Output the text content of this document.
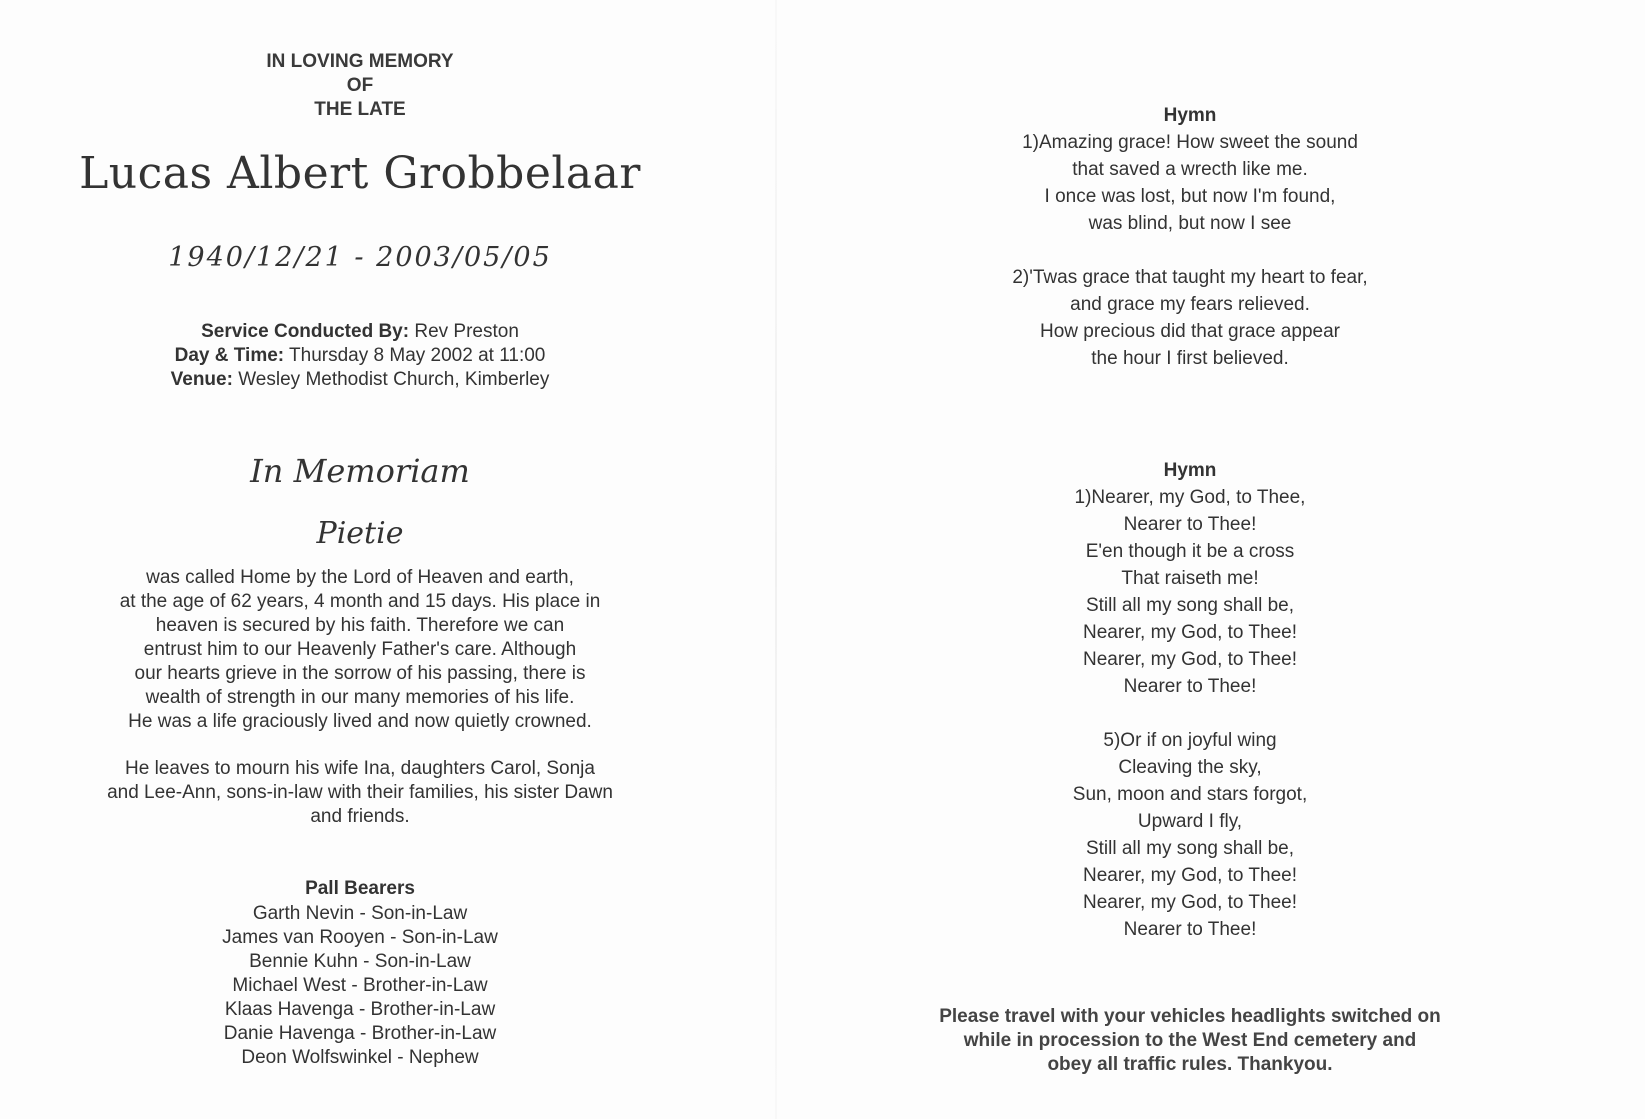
IN LOVING MEMORY
OF
THE LATE
Lucas Albert Grobbelaar
1940/12/21 - 2003/05/05
Service Conducted By: Rev Preston
Day & Time: Thursday 8 May 2002 at 11:00
Venue: Wesley Methodist Church, Kimberley
In Memoriam
Pietie
was called Home by the Lord of Heaven and earth,
at the age of 62 years, 4 month and 15 days. His place in
heaven is secured by his faith. Therefore we can
entrust him to our Heavenly Father's care. Although
our hearts grieve in the sorrow of his passing, there is
wealth of strength in our many memories of his life.
He was a life graciously lived and now quietly crowned.
He leaves to mourn his wife Ina, daughters Carol, Sonja
and Lee-Ann, sons-in-law with their families, his sister Dawn
and friends.
Pall Bearers
Garth Nevin - Son-in-Law
James van Rooyen - Son-in-Law
Bennie Kuhn - Son-in-Law
Michael West - Brother-in-Law
Klaas Havenga - Brother-in-Law
Danie Havenga - Brother-in-Law
Deon Wolfswinkel - Nephew
Hymn
1)Amazing grace! How sweet the sound
that saved a wrecth like me.
I once was lost, but now I'm found,
was blind, but now I see
2)'Twas grace that taught my heart to fear,
and grace my fears relieved.
How precious did that grace appear
the hour I first believed.
Hymn
1)Nearer, my God, to Thee,
Nearer to Thee!
E'en though it be a cross
That raiseth me!
Still all my song shall be,
Nearer, my God, to Thee!
Nearer, my God, to Thee!
Nearer to Thee!
5)Or if on joyful wing
Cleaving the sky,
Sun, moon and stars forgot,
Upward I fly,
Still all my song shall be,
Nearer, my God, to Thee!
Nearer, my God, to Thee!
Nearer to Thee!
Please travel with your vehicles headlights switched on
while in procession to the West End cemetery and
obey all traffic rules. Thankyou.
